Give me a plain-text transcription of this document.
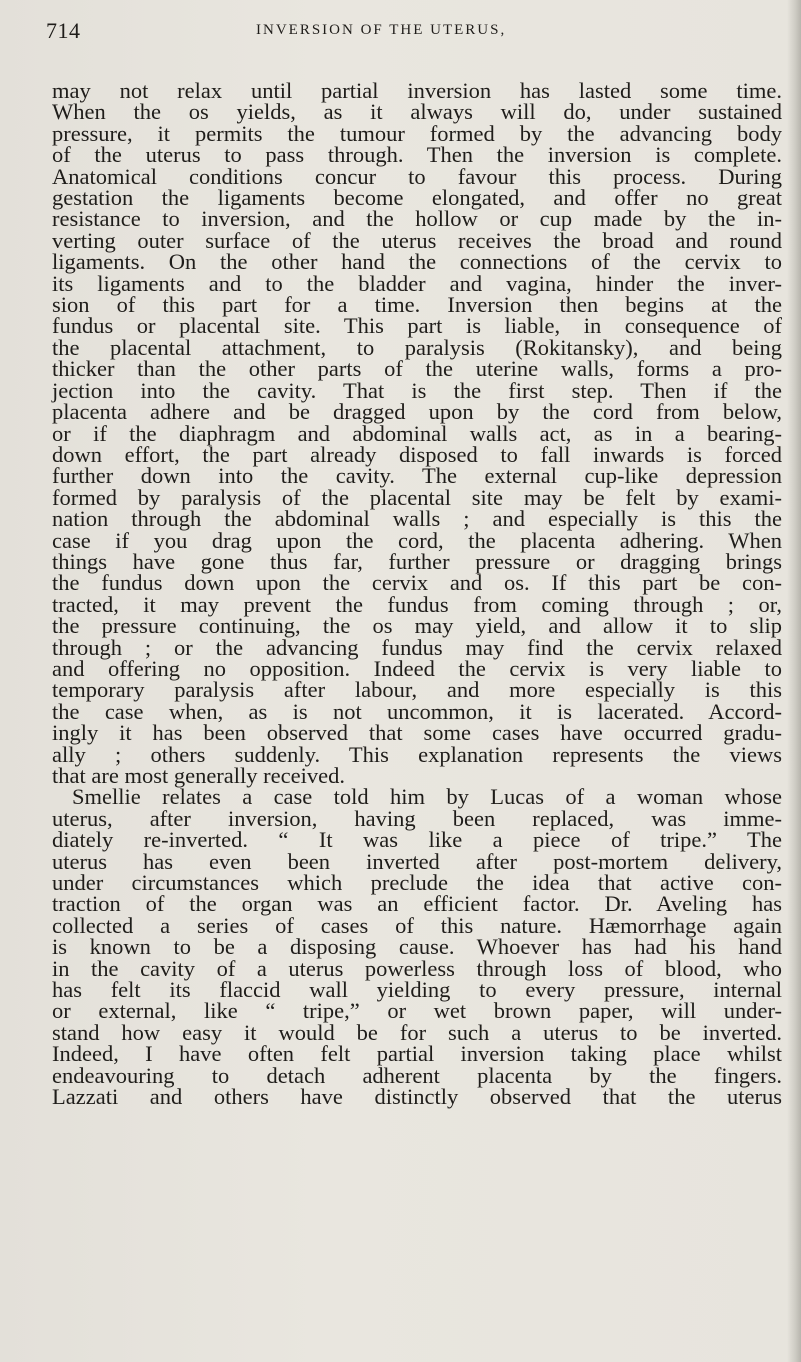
714	INVERSION OF THE UTERUS,
may not relax until partial inversion has lasted some time.
When the os yields, as it always will do, under sustained
pressure, it permits the tumour formed by the advancing body
of the uterus to pass through. Then the inversion is complete.
Anatomical conditions concur to favour this process. During
gestation the ligaments become elongated, and offer no great
resistance to inversion, and the hollow or cup made by the in-
verting outer surface of the uterus receives the broad and round
ligaments. On the other hand the connections of the cervix to
its ligaments and to the bladder and vagina, hinder the inver-
sion of this part for a time. Inversion then begins at the
fundus or placental site. This part is liable, in consequence of
the placental attachment, to paralysis (Rokitansky), and being
thicker than the other parts of the uterine walls, forms a pro-
jection into the cavity. That is the first step. Then if the
placenta adhere and be dragged upon by the cord from below,
or if the diaphragm and abdominal walls act, as in a bearing-
down effort, the part already disposed to fall inwards is forced
further down into the cavity. The external cup-like depression
formed by paralysis of the placental site may be felt by exami-
nation through the abdominal walls ; and especially is this the
case if you drag upon the cord, the placenta adhering. When
things have gone thus far, further pressure or dragging brings
the fundus down upon the cervix and os. If this part be con-
tracted, it may prevent the fundus from coming through ; or,
the pressure continuing, the os may yield, and allow it to slip
through ; or the advancing fundus may find the cervix relaxed
and offering no opposition. Indeed the cervix is very liable to
temporary paralysis after labour, and more especially is this
the case when, as is not uncommon, it is lacerated. Accord-
ingly it has been observed that some cases have occurred gradu-
ally ; others suddenly. This explanation represents the views
that are most generally received.
Smellie relates a case told him by Lucas of a woman whose
uterus, after inversion, having been replaced, was imme-
diately re-inverted. “ It was like a piece of tripe.” The
uterus has even been inverted after post-mortem delivery,
under circumstances which preclude the idea that active con-
traction of the organ was an efficient factor. Dr. Aveling has
collected a series of cases of this nature. Hæmorrhage again
is known to be a disposing cause. Whoever has had his hand
in the cavity of a uterus powerless through loss of blood, who
has felt its flaccid wall yielding to every pressure, internal
or external, like “ tripe,” or wet brown paper, will under-
stand how easy it would be for such a uterus to be inverted.
Indeed, I have often felt partial inversion taking place whilst
endeavouring to detach adherent placenta by the fingers.
Lazzati and others have distinctly observed that the uterus
